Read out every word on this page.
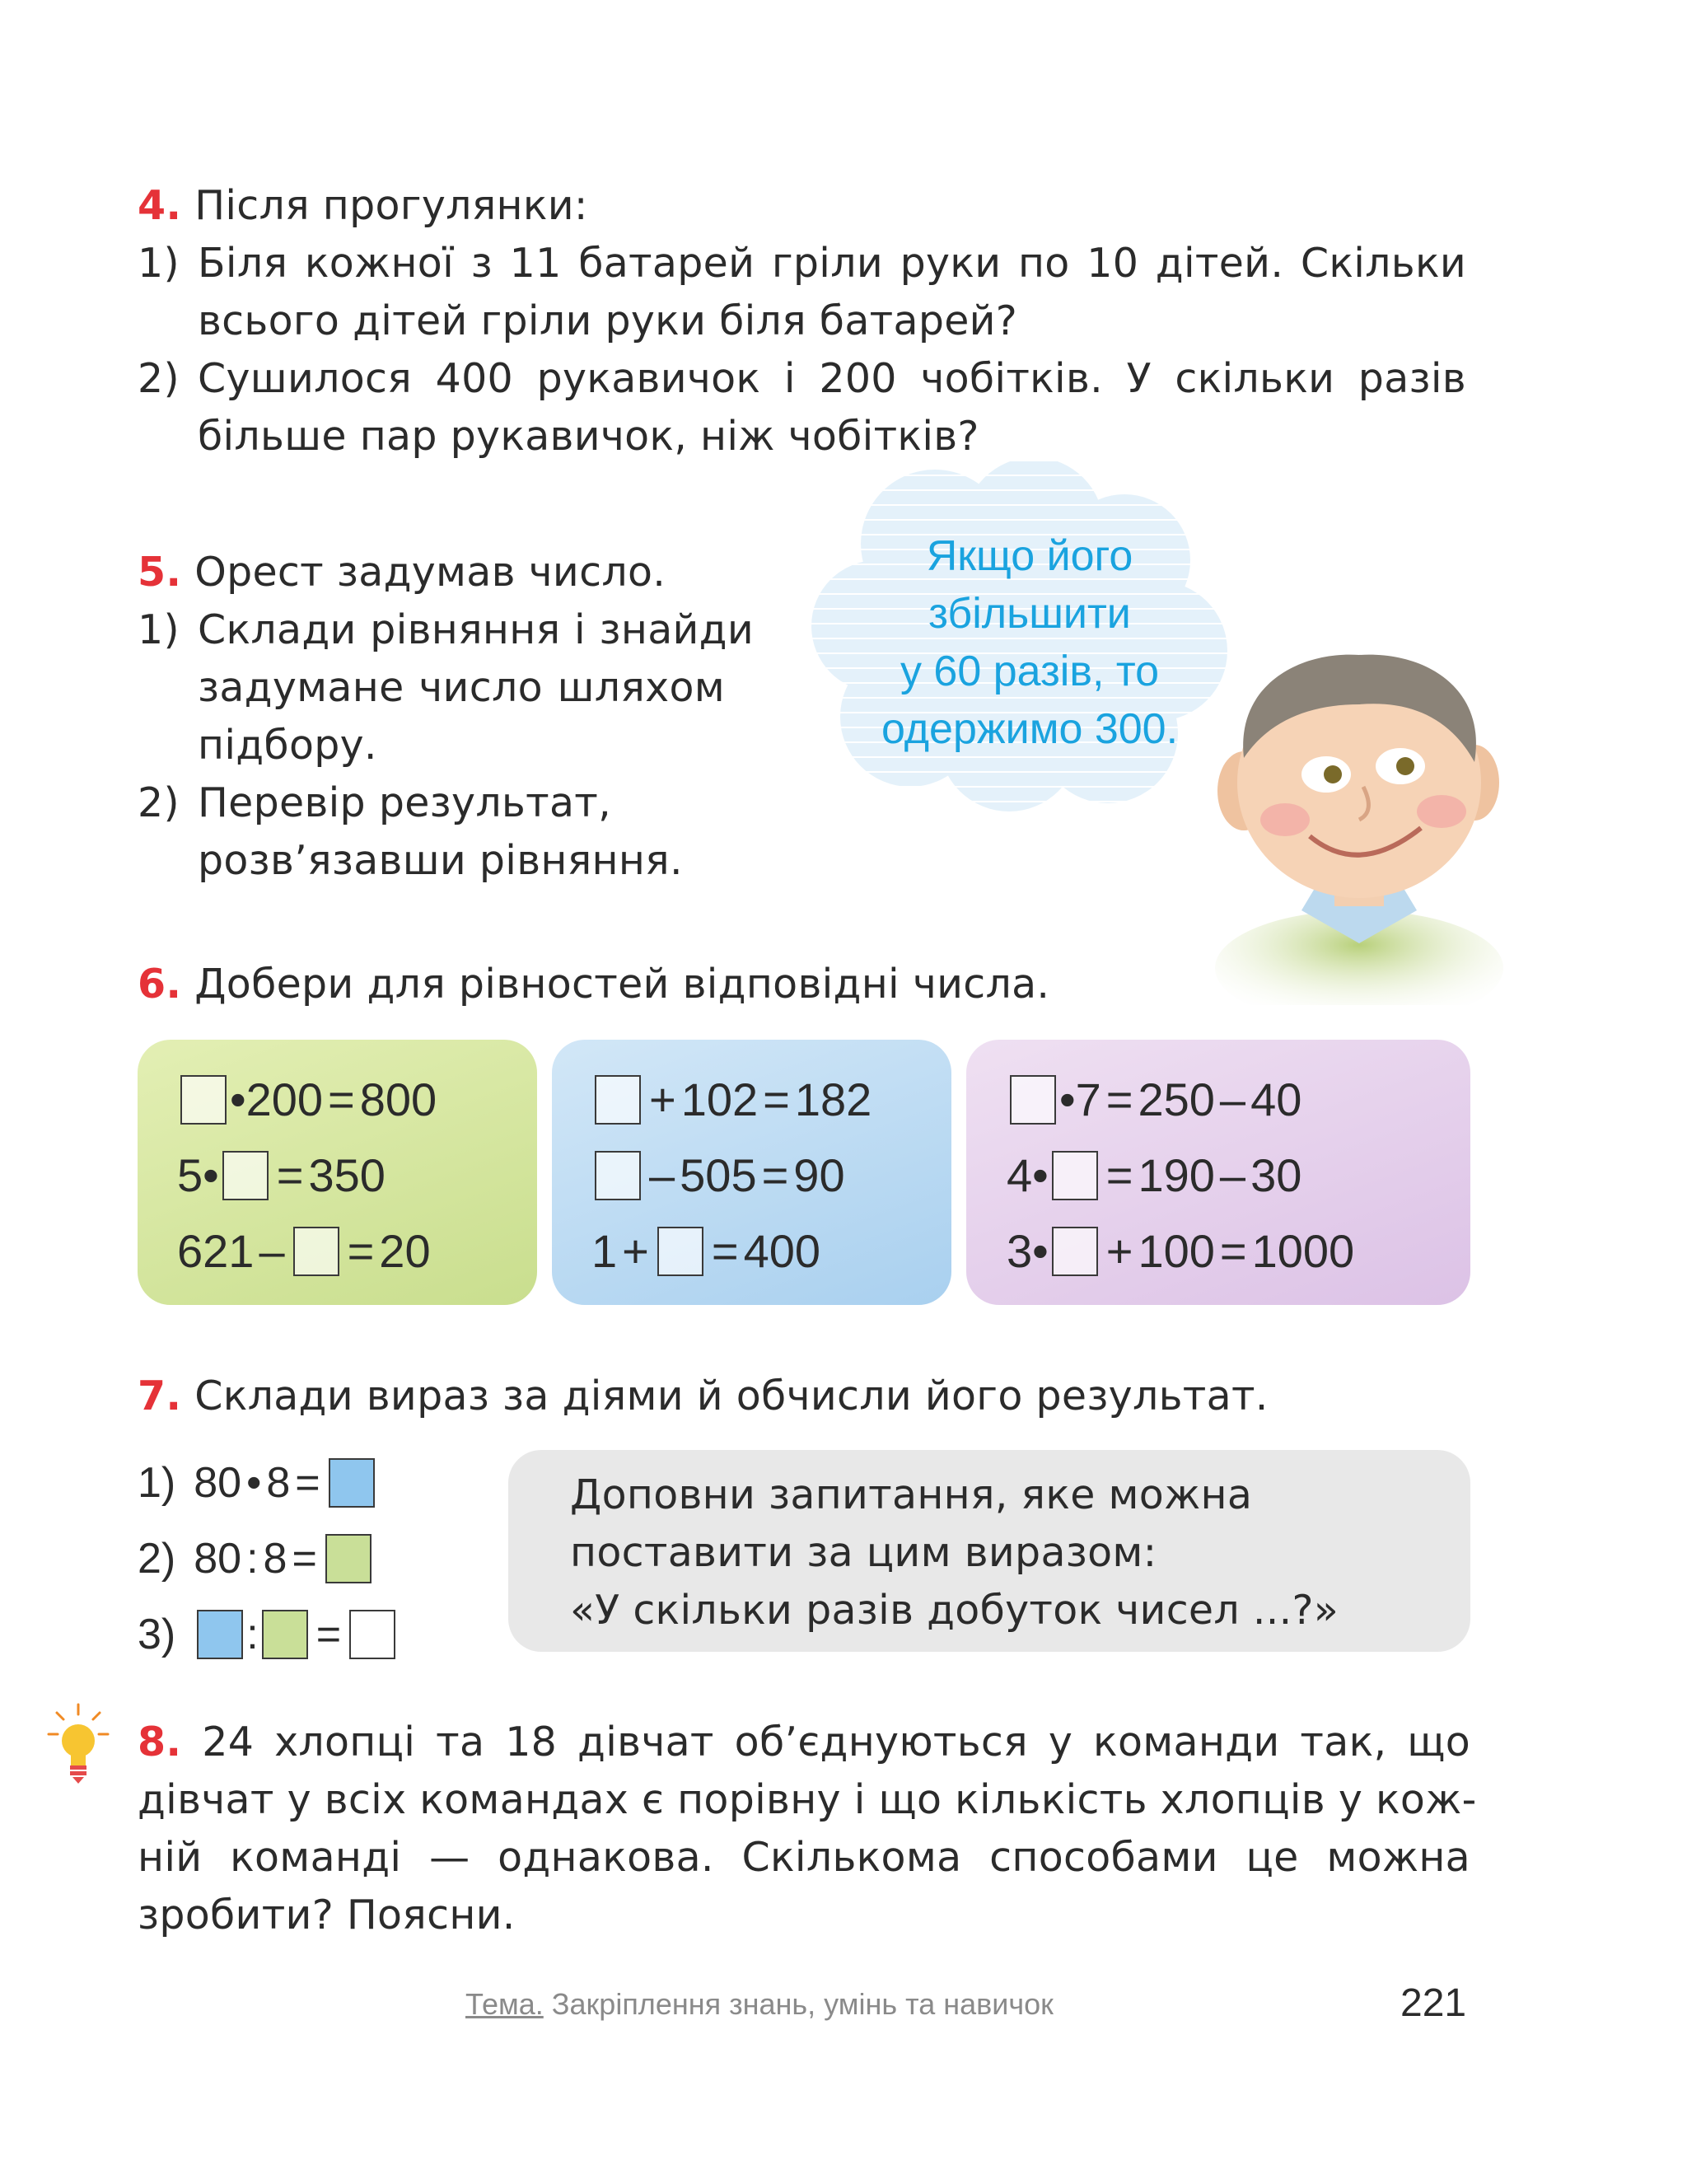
4. Після прогулянки:
1) Біля кожної з 11 батарей гріли руки по 10 дітей. Скільки
всього дітей гріли руки біля батарей?
2) Сушилося 400 рукавичок і 200 чобітків. У скільки разів
більше пар рукавичок, ніж чобітків?
5. Орест задумав число.
1) Склади рівняння і знайди
задумане число шляхом
підбору.
2) Перевір результат,
розв’язавши рівняння.
Якщо його
збільшити
у 60 разів, то
одержимо 300.
6. Добери для рівностей відповідні числа.
• 200 = 800
5 • = 350
621 – = 20
+ 102 = 182
– 505 = 90
1 + = 400
• 7 = 250 – 40
4 • = 190 – 30
3 • + 100 = 1000
7. Склади вираз за діями й обчисли його результат.
1) 80 • 8 =
2) 80 : 8 =
3) : =
Доповни запитання, яке можна
поставити за цим виразом:
«У скільки разів добуток чисел ...?»
8. 24 хлопці та 18 дівчат об’єднуються у команди так, що
дівчат у всіх командах є порівну і що кількість хлопців у кож-
ній команді — однакова. Скількома способами це можна
зробити? Поясни.
Тема. Закріплення знань, умінь та навичок	221
